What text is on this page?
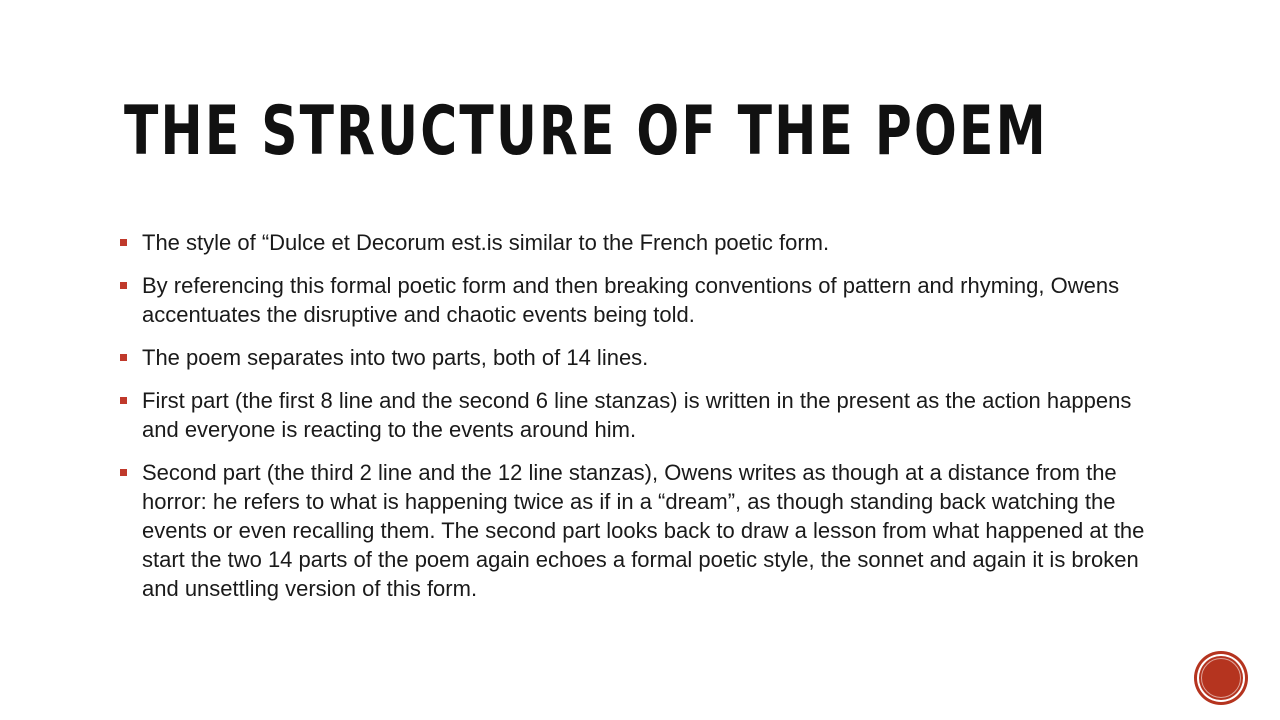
THE STRUCTURE OF THE POEM
The style of “Dulce et Decorum est.is similar to the French poetic form.
By referencing this formal poetic form and then breaking conventions of pattern and rhyming, Owens accentuates the disruptive and chaotic events being told.
The poem separates into two parts, both of 14 lines.
First part (the first 8 line and the second 6 line stanzas) is written in the present as the action happens and everyone is reacting to the events around him.
Second part (the third 2 line and the 12 line stanzas), Owens writes as though at a distance from the horror: he refers to what is happening twice as if in a “dream”, as though standing back watching the events or even recalling them. The second part looks back to draw a lesson from what happened at the start the two 14 parts of the poem again echoes a formal poetic style, the sonnet and again it is broken and unsettling version of this form.
